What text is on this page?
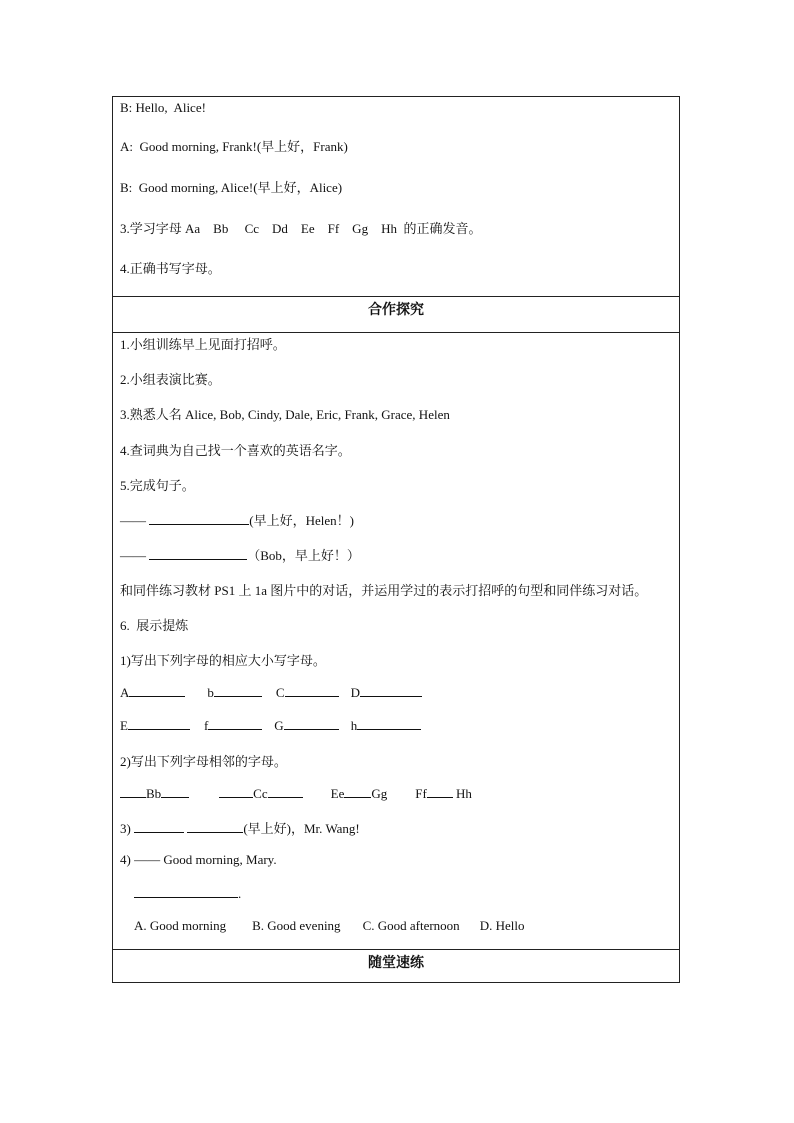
B: Hello,  Alice!
A:  Good morning, Frank!(早上好，Frank)
B:  Good morning, Alice!(早上好，Alice)
3.学习字母 Aa    Bb     Cc    Dd    Ee    Ff    Gg    Hh  的正确发音。
4.正确书写字母。
合作探究
1.小组训练早上见面打招呼。
2.小组表演比赛。
3.熟悉人名 Alice, Bob, Cindy, Dale, Eric, Frank, Grace, Helen
4.查词典为自己找一个喜欢的英语名字。
5.完成句子。
——	(早上好，Helen！)
——	（Bob，早上好！）
和同伴练习教材 PS1 上 1a 图片中的对话，并运用学过的表示打招呼的句型和同伴练习对话。
6.  展示提炼
1)写出下列字母的相应大小写字母。
A	b	C	D
E	f	G	h
2)写出下列字母相邻的字母。
Bb	Cc	Ee Gg Ff Hh
3)	(早上好)，Mr. Wang!
4) —— Good morning, Mary.
.
A. Good morning B. Good evening C. Good afternoon D. Hello
随堂速练
